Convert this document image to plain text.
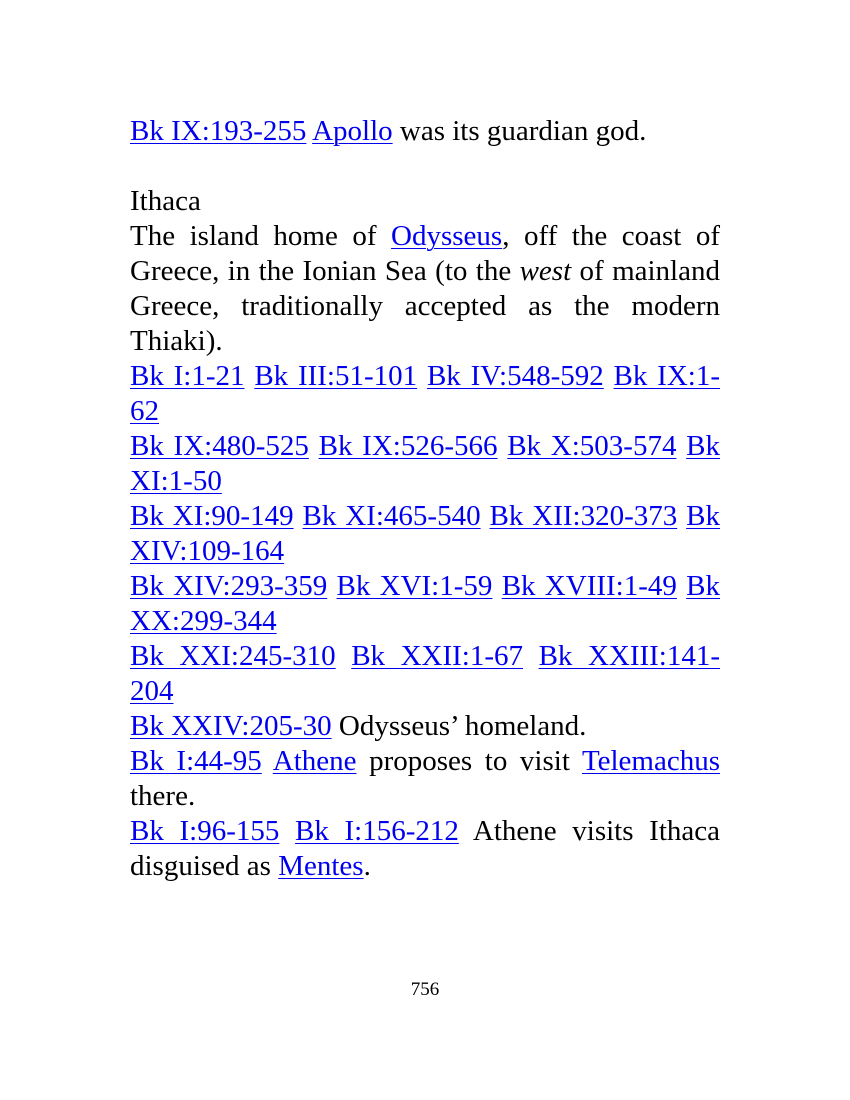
Bk IX:193-255 Apollo was its guardian god.

Ithaca

The island home of Odysseus, off the coast of Greece, in the Ionian Sea (to the west of mainland Greece, traditionally accepted as the modern Thiaki).

Bk I:1-21 Bk III:51-101 Bk IV:548-592 Bk IX:1-62

Bk IX:480-525 Bk IX:526-566 Bk X:503-574 Bk XI:1-50

Bk XI:90-149 Bk XI:465-540 Bk XII:320-373 Bk XIV:109-164

Bk XIV:293-359 Bk XVI:1-59 Bk XVIII:1-49 Bk XX:299-344

Bk XXI:245-310 Bk XXII:1-67 Bk XXIII:141-204

Bk XXIV:205-30 Odysseus’ homeland.

Bk I:44-95 Athene proposes to visit Telemachus there.

Bk I:96-155 Bk I:156-212 Athene visits Ithaca disguised as Mentes.

756
